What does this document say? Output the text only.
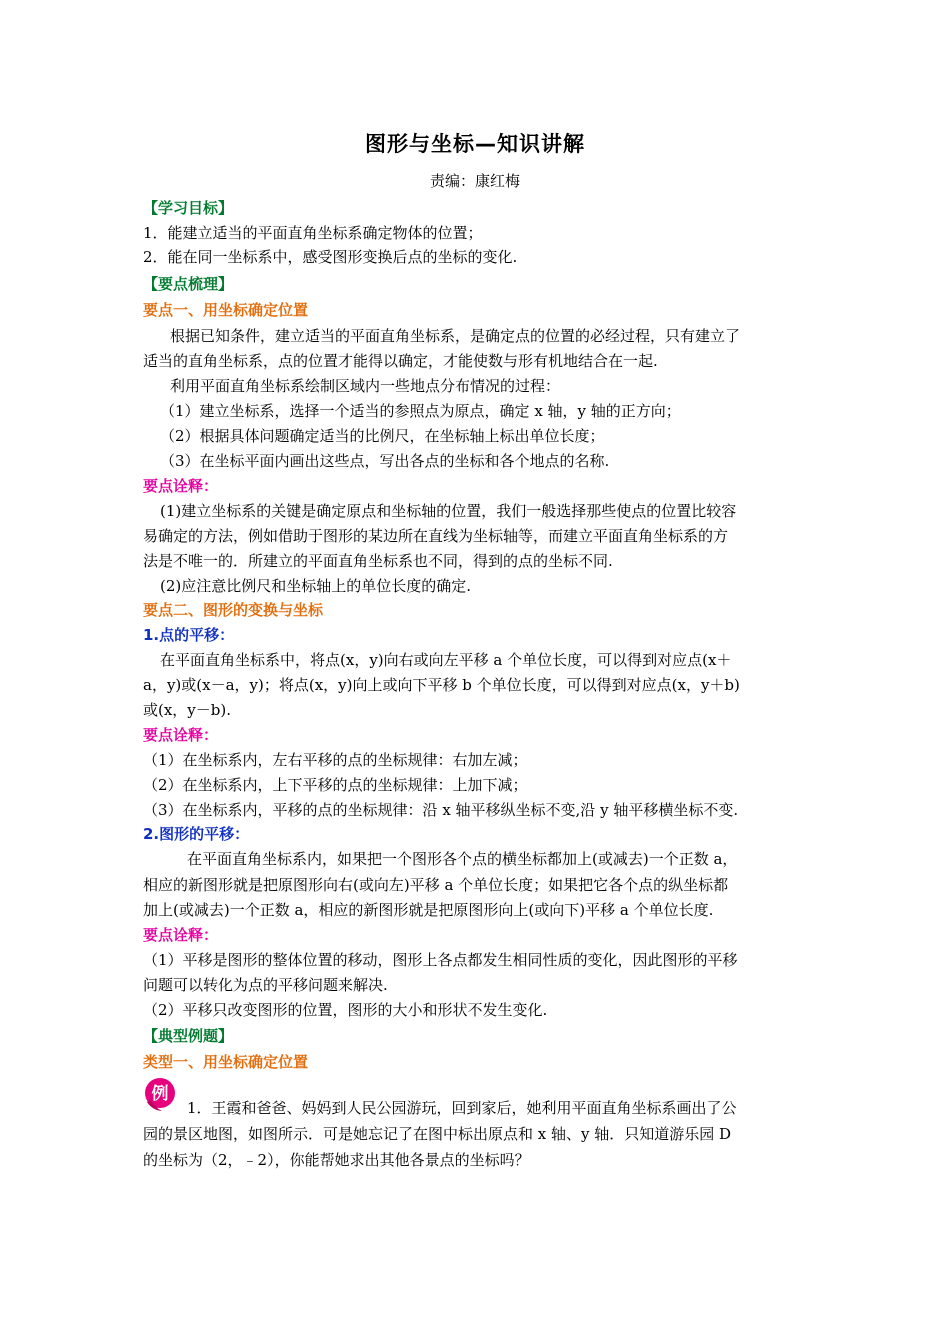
图形与坐标—知识讲解
责编：康红梅
【学习目标】
1．能建立适当的平面直角坐标系确定物体的位置；
2．能在同一坐标系中，感受图形变换后点的坐标的变化.
【要点梳理】
要点一、用坐标确定位置
根据已知条件，建立适当的平面直角坐标系，是确定点的位置的必经过程，只有建立了
适当的直角坐标系，点的位置才能得以确定，才能使数与形有机地结合在一起.
利用平面直角坐标系绘制区域内一些地点分布情况的过程：
（1）建立坐标系，选择一个适当的参照点为原点，确定 x 轴，y 轴的正方向；
（2）根据具体问题确定适当的比例尺，在坐标轴上标出单位长度；
（3）在坐标平面内画出这些点，写出各点的坐标和各个地点的名称.
要点诠释：
(1)建立坐标系的关键是确定原点和坐标轴的位置，我们一般选择那些使点的位置比较容
易确定的方法，例如借助于图形的某边所在直线为坐标轴等，而建立平面直角坐标系的方
法是不唯一的．所建立的平面直角坐标系也不同，得到的点的坐标不同.
(2)应注意比例尺和坐标轴上的单位长度的确定.
要点二、图形的变换与坐标
1.点的平移：
在平面直角坐标系中，将点(x，y)向右或向左平移 a 个单位长度，可以得到对应点(x＋
a，y)或(x－a，y)；将点(x，y)向上或向下平移 b 个单位长度，可以得到对应点(x，y＋b)
或(x，y－b).
要点诠释：
（1）在坐标系内，左右平移的点的坐标规律：右加左减；
（2）在坐标系内，上下平移的点的坐标规律：上加下减；
（3）在坐标系内，平移的点的坐标规律：沿 x 轴平移纵坐标不变,沿 y 轴平移横坐标不变.
2.图形的平移：
在平面直角坐标系内，如果把一个图形各个点的横坐标都加上(或减去)一个正数 a，
相应的新图形就是把原图形向右(或向左)平移 a 个单位长度；如果把它各个点的纵坐标都
加上(或减去)一个正数 a，相应的新图形就是把原图形向上(或向下)平移 a 个单位长度.
要点诠释：
（1）平移是图形的整体位置的移动，图形上各点都发生相同性质的变化，因此图形的平移
问题可以转化为点的平移问题来解决.
（2）平移只改变图形的位置，图形的大小和形状不发生变化.
【典型例题】
类型一、用坐标确定位置
例
1．王霞和爸爸、妈妈到人民公园游玩，回到家后，她利用平面直角坐标系画出了公
园的景区地图，如图所示．可是她忘记了在图中标出原点和 x 轴、y 轴．只知道游乐园 D
的坐标为（2，﹣2），你能帮她求出其他各景点的坐标吗？
